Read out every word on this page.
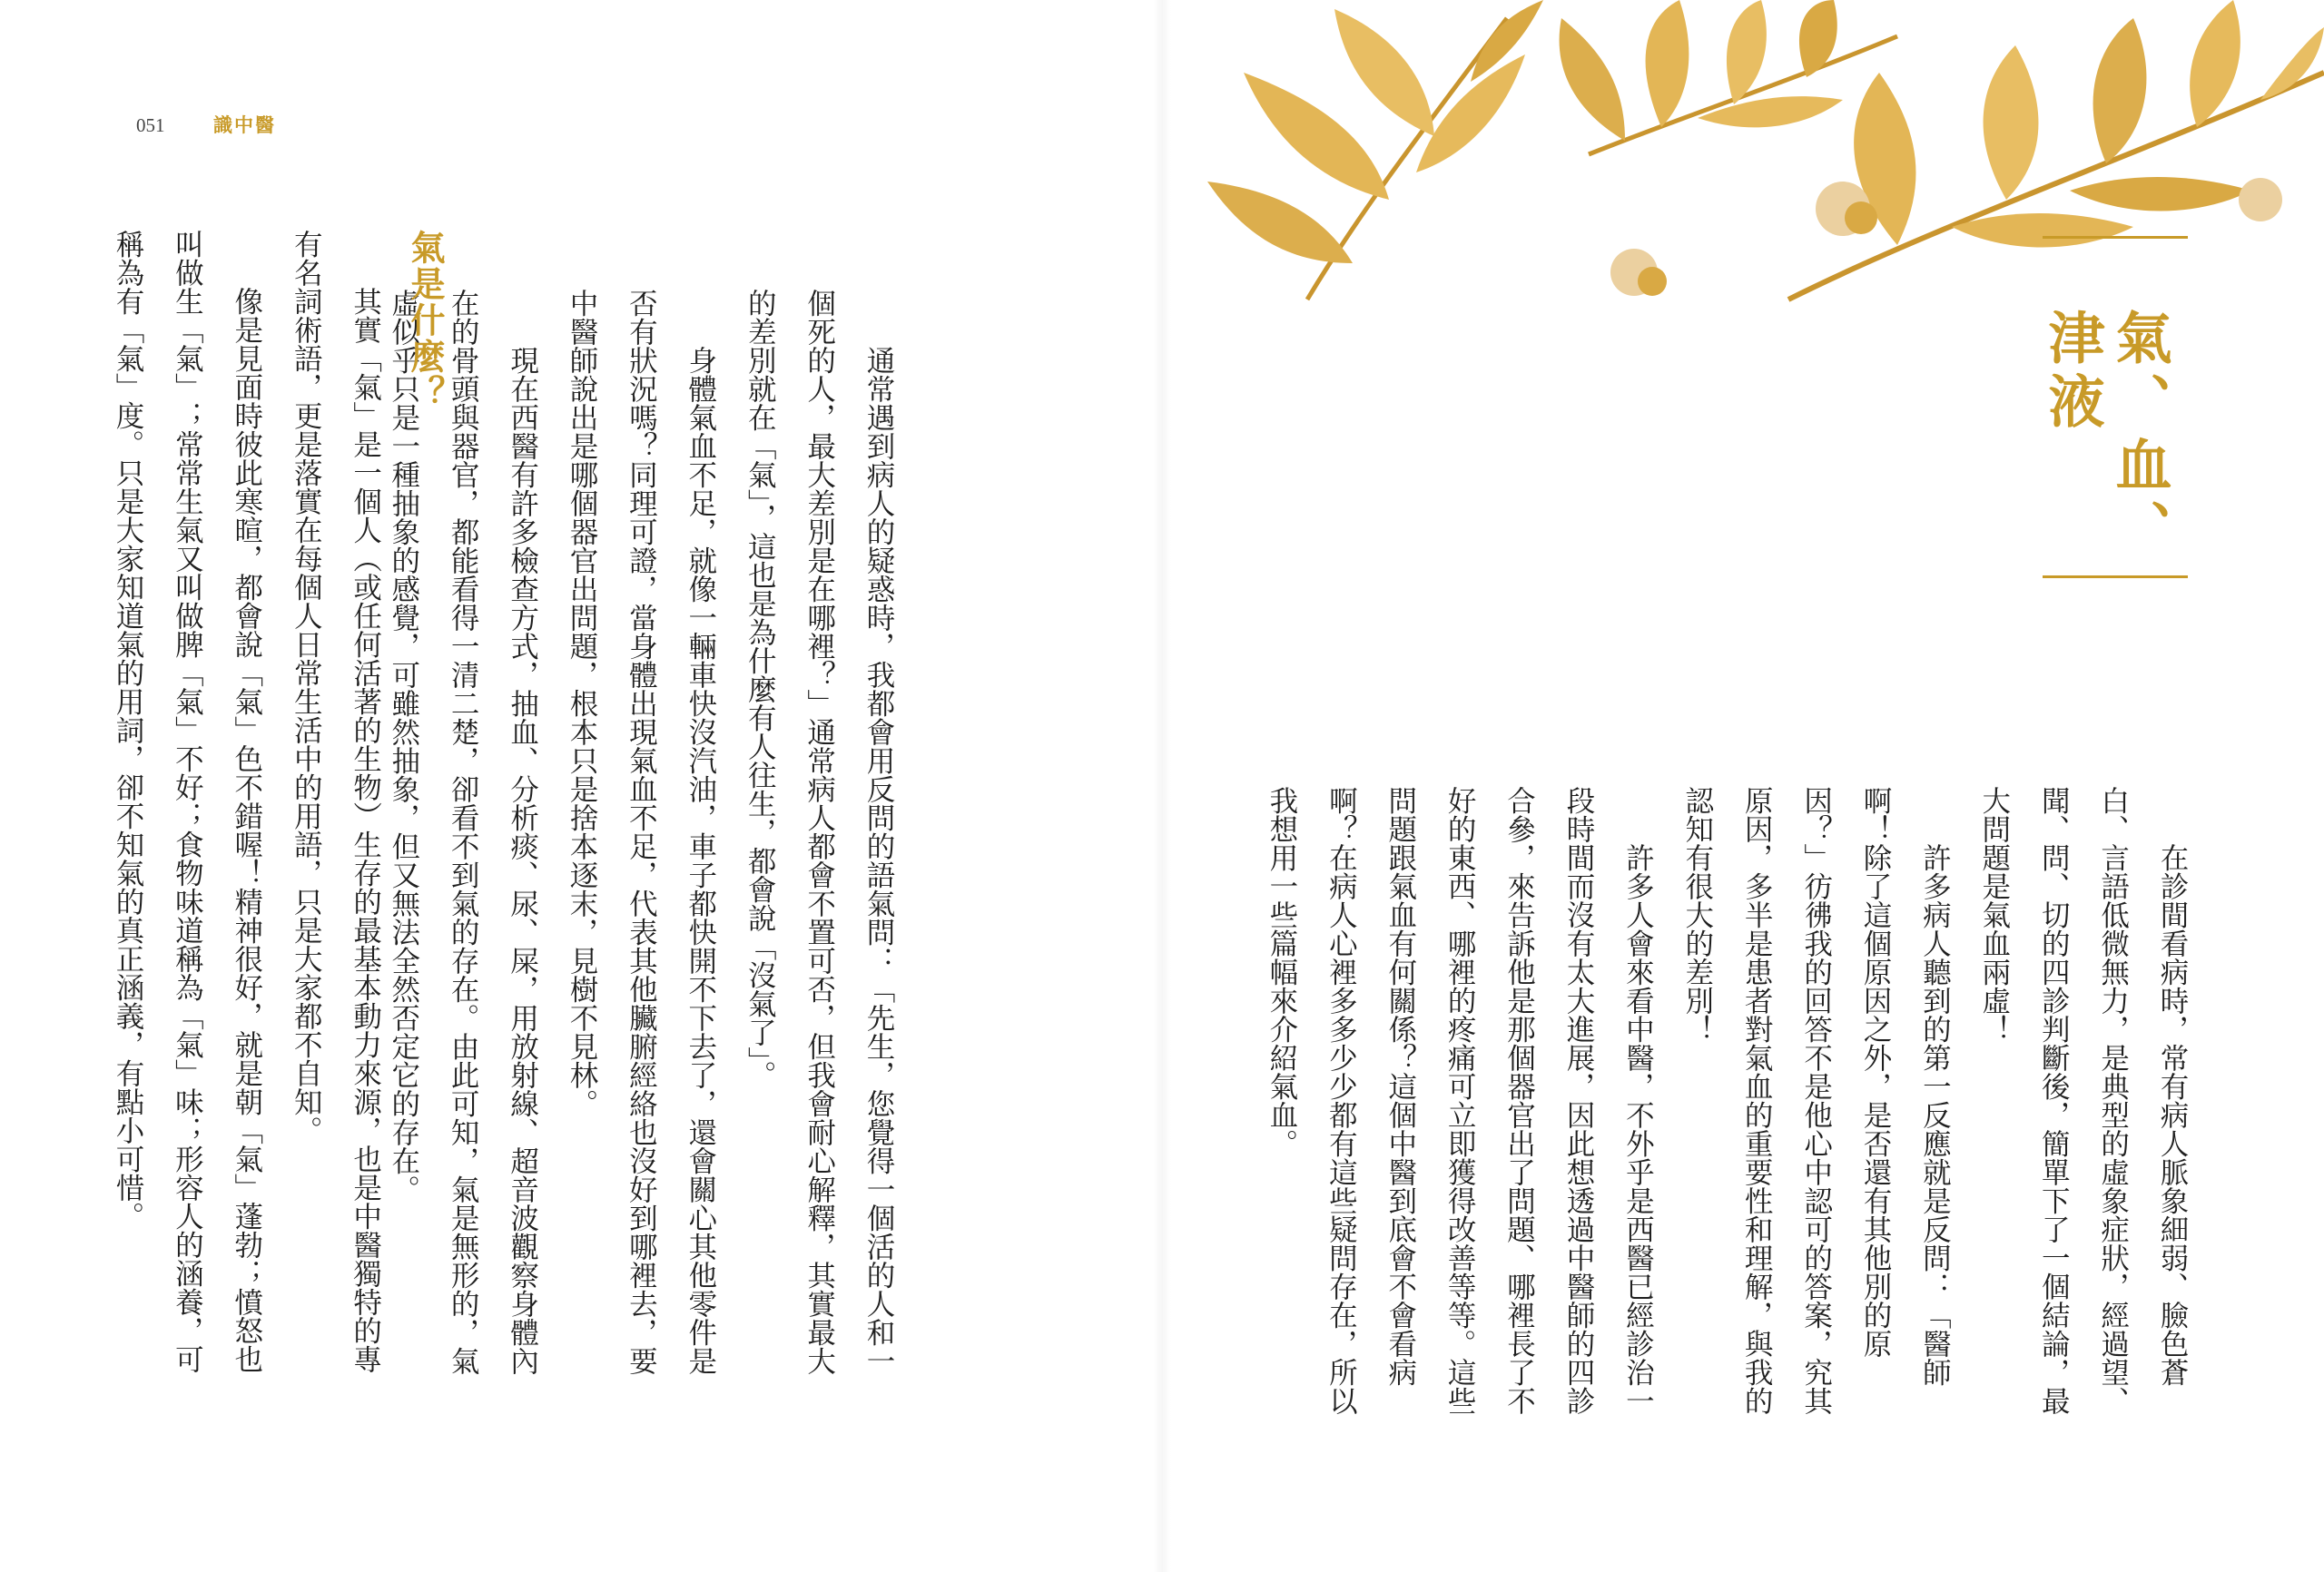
051	識中醫

通常遇到病人的疑惑時，我都會用反問的語氣問：「先生，您覺得一個活的人和一個死的人，最大差別是在哪裡？」通常病人都會不置可否，但我會耐心解釋，其實最大的差別就在「氣」，這也是為什麼有人往生，都會說「沒氣了」。

身體氣血不足，就像一輛車快沒汽油，車子都快開不下去了，還會關心其他零件是否有狀況嗎？同理可證，當身體出現氣血不足，代表其他臟腑經絡也沒好到哪裡去，要中醫師說出是哪個器官出問題，根本只是捨本逐末，見樹不見林。

現在西醫有許多檢查方式，抽血、分析痰、尿、屎，用放射線、超音波觀察身體內在的骨頭與器官，都能看得一清二楚，卻看不到氣的存在。由此可知，氣是無形的，氣虛似乎只是一種抽象的感覺，可雖然抽象，但又無法全然否定它的存在。

氣是什麼？

其實「氣」是一個人（或任何活著的生物）生存的最基本動力來源，也是中醫獨特的專有名詞術語，更是落實在每個人日常生活中的用語，只是大家都不自知。

像是見面時彼此寒暄，都會說「氣」色不錯喔！精神很好，就是朝「氣」蓬勃；憤怒也叫做生「氣」；常常生氣又叫做脾「氣」不好；食物味道稱為「氣」味；形容人的涵養，可稱為有「氣」度。只是大家知道氣的用詞，卻不知氣的真正涵義，有點小可惜。	氣、血、
津液

在診間看病時，常有病人脈象細弱、臉色蒼白、言語低微無力，是典型的虛象症狀，經過望、聞、問、切的四診判斷後，簡單下了一個結論，最大問題是氣血兩虛！

許多病人聽到的第一反應就是反問：「醫師啊！除了這個原因之外，是否還有其他別的原因？」彷彿我的回答不是他心中認可的答案，究其原因，多半是患者對氣血的重要性和理解，與我的認知有很大的差別！

許多人會來看中醫，不外乎是西醫已經診治一段時間而沒有太大進展，因此想透過中醫師的四診合參，來告訴他是那個器官出了問題、哪裡長了不好的東西、哪裡的疼痛可立即獲得改善等等。這些問題跟氣血有何關係？這個中醫到底會不會看病啊？在病人心裡多多少少都有這些疑問存在，所以我想用一些篇幅來介紹氣血。
